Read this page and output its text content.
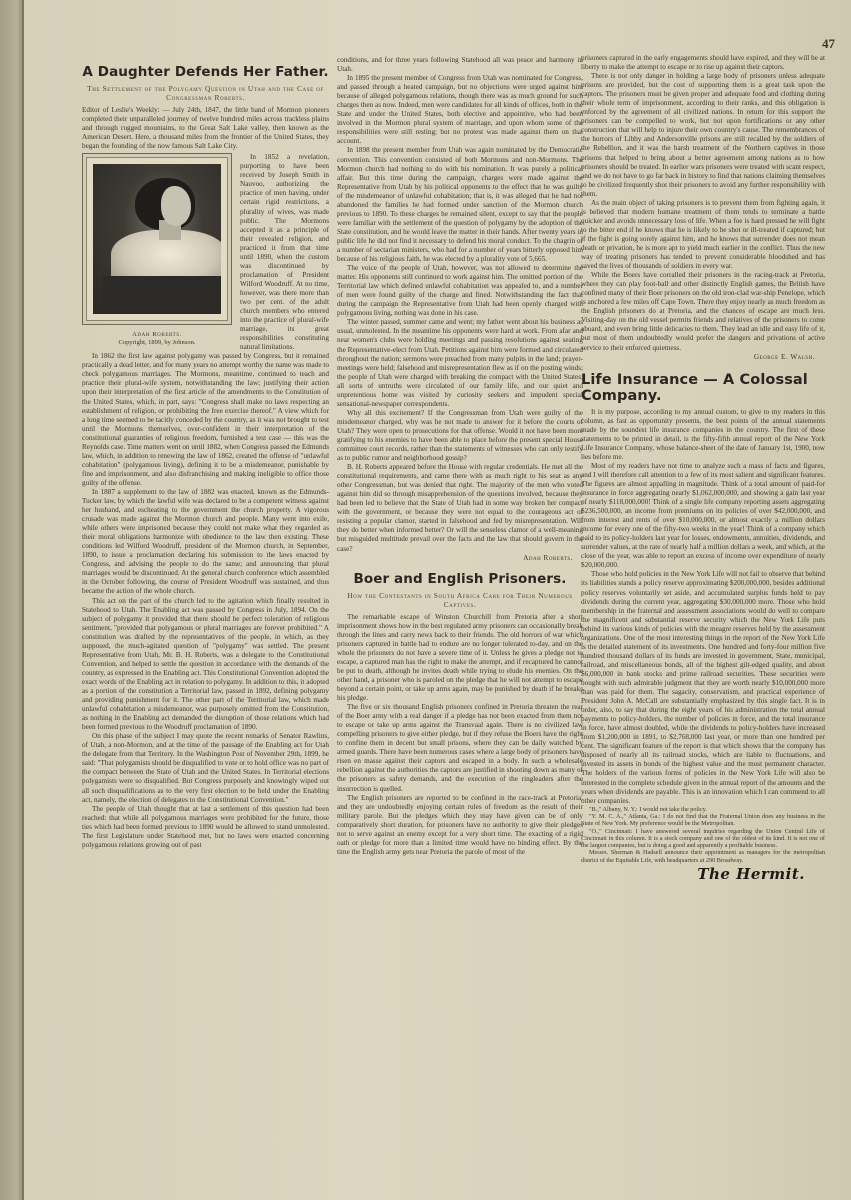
47
A Daughter Defends Her Father.
The Settlement of the Polygamy Question in Utah and the Case of Congressman Roberts.

Editor of Leslie's Weekly: — July 24th, 1847, the little band of Mormon pioneers completed their unparalleled journey of twelve hundred miles across trackless plains and through rugged mountains, to the Great Salt Lake valley, then known as the American Desert. Here, a thousand miles from the frontier of the United States, they began the founding of the now famous Salt Lake City.

Adah Roberts.
Copyright, 1899, by Johnson.

In 1852 a revelation, purporting to have been received by Joseph Smith in Nauvoo, authorizing the practice of men having, under certain rigid restrictions, a plurality of wives, was made public. The Mormons accepted it as a principle of their revealed religion, and practiced it from that time until 1890, when the custom was discontinued by proclamation of President Wilford Woodruff. At no time, however, was there more than two per cent. of the adult church members who entered into the practice of plural-wife marriage, its great responsibilities constituting natural limitations.

In 1862 the first law against polygamy was passed by Congress, but it remained practically a dead letter, and for many years no attempt worthy the name was made to check polygamous marriages. The Mormons, meantime, continued to teach and practice their plural-wife system, notwithstanding the law; justifying their action upon their interpretation of the first article of the amendments to the Constitution of the United States, which, in part, says: "Congress shall make no laws respecting an establishment of religion, or prohibiting the free exercise thereof." A view which for a long time seemed to be tacitly conceded by the country, as it was not brought to test until the Mormons themselves, over-confident in their interpretation of the constitutional guaranties of religious freedom, furnished a test case — this was the Reynolds case. Time matters went on until 1882, when Congress passed the Edmunds law, which, in addition to renewing the law of 1862, created the offense of "unlawful cohabitation" (polygamous living), defining it to be a misdemeanor, punishable by fine and imprisonment, and also disfranchising and making ineligible to office those guilty of the offense.

In 1887 a supplement to the law of 1882 was enacted, known as the Edmunds-Tucker law, by which the lawful wife was declared to be a competent witness against her husband, and escheating to the government the church property. A vigorous crusade was made against the Mormon church and people. Many went into exile, while others were imprisoned because they could not make what they regarded as their moral obligations harmonize with obedience to the law then existing. These conditions led Wilford Woodruff, president of the Mormon church, in September, 1890, to issue a proclamation declaring his submission to the laws enacted by Congress, and advising the people to do the same; and announcing that plural marriages would be discontinued. At the general church conference which assembled in the October following, the course of President Woodruff was sustained, and thus became the action of the whole church.

This act on the part of the church led to the agitation which finally resulted in Statehood to Utah. The Enabling act was passed by Congress in July, 1894. On the subject of polygamy it provided that there should be perfect toleration of religious sentiment, "provided that polygamous or plural marriages are forever prohibited." A constitution was drafted by the representatives of the people, in which, as they supposed, the much-agitated question of "polygamy" was settled. The present Representative from Utah, Mr. B. H. Roberts, was a delegate to the Constitutional Convention, and helped to settle the question in accordance with the demands of the country, as expressed in the Enabling act. This Constitutional Convention adopted the exact words of the Enabling act in relation to polygamy. In addition to this, it adopted as a portion of the constitution a Territorial law, passed in 1892, defining polygamy and providing punishment for it. The other part of the Territorial law, which made unlawful cohabitation a misdemeanor, was purposely omitted from the Constitution, as nothing in the Enabling act demanded the disruption of those relations which had been formed previous to the Woodruff proclamation of 1890.

On this phase of the subject I may quote the recent remarks of Senator Rawlins, of Utah, a non-Mormon, and at the time of the passage of the Enabling act for Utah the delegate from that Territory. In the Washington Post of November 29th, 1899, he said: "That polygamists should be disqualified to vote or to hold office was no part of the compact between the State of Utah and the United States. In Territorial elections polygamists were so disqualified. But Congress purposely and knowingly wiped out all such disqualifications as to the very first election to be held under the Enabling act, namely, the election of delegates to the Constitutional Convention."

The people of Utah thought that at last a settlement of this question had been reached: that while all polygamous marriages were prohibited for the future, those ties which had been formed previous to 1890 would be allowed to stand unmolested. The first Legislature under Statehood met, but no laws were enacted concerning polygamous relations growing out of past

conditions, and for three years following Statehood all was peace and harmony in Utah.

In 1895 the present member of Congress from Utah was nominated for Congress, and passed through a heated campaign, but no objections were urged against him because of alleged polygamous relations, though there was as much ground for such charges then as now. Indeed, men were candidates for all kinds of offices, both in the State and under the United States, both elective and appointive, who had been involved in the Mormon plural system of marriage, and upon whom some of the responsibilities were still resting; but no protest was made against them on that account.

In 1898 the present member from Utah was again nominated by the Democratic convention. This convention consisted of both Mormons and non-Mormons. The Mormon church had nothing to do with his nomination. It was purely a political affair. But this time during the campaign, charges were made against the Representative from Utah by his political opponents to the effect that he was guilty of the misdemeanor of unlawful cohabitation; that is, it was alleged that he had not abandoned the families he had formed under sanction of the Mormon church previous to 1890. To these charges he remained silent, except to say that the people were familiar with the settlement of the question of polygamy by the adoption of the State constitution, and he would leave the matter in their hands. After twenty years in public life he did not find it necessary to defend his moral conduct. To the chagrin of a number of sectarian ministers, who had for a number of years bitterly opposed him because of his religious faith, he was elected by a plurality vote of 5,665.

The voice of the people of Utah, however, was not allowed to determine the matter. His opponents still continued to work against him. The omitted portion of the Territorial law which defined unlawful cohabitation was appealed to, and a number of men were found guilty of the charge and fined. Notwithstanding the fact that during the campaign the Representative from Utah had been openly charged with polygamous living, nothing was done in his case.

The winter passed, summer came and went; my father went about his business as usual, unmolested. In the meantime his opponents were hard at work. From afar and near women's clubs were holding meetings and passing resolutions against seating the Representative-elect from Utah. Petitions against him were formed and circulated throughout the nation; sermons were preached from many pulpits in the land; prayer-meetings were held; falsehood and misrepresentation flew as if on the posting winds; the people of Utah were charged with breaking the compact with the United States; all sorts of untruths were circulated of our family life, and our quiet and unpretentious home was visited by curiosity seekers and impudent special sensational-newspaper correspondents.

Why all this excitement? If the Congressman from Utah were guilty of the misdemeanor charged, why was he not made to answer for it before the courts of Utah? They were open to prosecutions for that offense. Would it not have been more gratifying to his enemies to have been able to place before the present special House committee court records, rather than the statements of witnesses who can only testify as to public rumor and neighborhood gossip?

B. H. Roberts appeared before the House with regular credentials. He met all the constitutional requirements, and came there with as much right to his seat as any other Congressman, but was denied that right. The majority of the men who voted against him did so through misapprehension of the questions involved, because they had been led to believe that the State of Utah had in some way broken her compact with the government, or because they were not equal to the courageous act of resisting a popular clamor, started in falsehood and fed by misrepresentation. Will they do better when informed better? Or will the senseless clamor of a well-meaning but misguided multitude prevail over the facts and the law that should govern in the case?

Adah Roberts.
Boer and English Prisoners.
How the Contestants in South Africa Care for Their Numerous Captives.

The remarkable escape of Winston Churchill from Pretoria after a short imprisonment shows how in the best regulated army prisoners can occasionally break through the lines and carry news back to their friends. The old horrors of war which prisoners captured in battle had to endure are no longer tolerated to-day, and on the whole the prisoners do not have a severe time of it. Unless he gives a pledge not to escape, a captured man has the right to make the attempt, and if recaptured he cannot be put to death, although he invites death while trying to elude his enemies. On the other hand, a prisoner who is paroled on the pledge that he will not attempt to escape beyond a certain point, or take up arms again, may be punished by death if he breaks his pledge.

The five or six thousand English prisoners confined in Pretoria threaten the rear of the Boer army with a real danger if a pledge has not been exacted from them not to escape or take up arms against the Transvaal again. There is no civilized law compelling prisoners to give either pledge, but if they refuse the Boers have the right to confine them in decent but small prisons, where they can be daily watched by armed guards. There have been numerous cases where a large body of prisoners have risen en masse against their captors and escaped in a body. In such a wholesale rebellion against the authorities the captors are justified in shooting down as many of the prisoners as safety demands, and the execution of the ringleaders after the insurrection is quelled.

The English prisoners are reported to be confined in the race-track at Pretoria, and they are undoubtedly enjoying certain rules of freedom as the result of their military parole. But the pledges which they may have given can be of only comparatively short duration, for prisoners have no authority to give their pledges not to serve against an enemy except for a very short time. The exacting of a rigid oath or pledge for more than a limited time would have no binding effect. By the time the English army gets near Pretoria the parole of most of the

prisoners captured in the early engagements should have expired, and they will be at liberty to make the attempt to escape or to rise up against their captors.

There is not only danger in holding a large body of prisoners unless adequate prisons are provided, but the cost of supporting them is a great task upon the captors. The prisoners must be given proper and adequate food and clothing during their whole term of imprisonment, according to their ranks, and this obligation is enforced by the agreement of all civilized nations. In return for this support the prisoners can be compelled to work, but not upon fortifications or any other construction that will help to injure their own country's cause. The remembrances of the horrors of Libby and Andersonville prisons are still recalled by the soldiers of the Rebellion, and it was the harsh treatment of the Northern captives in those prisons that helped to bring about a better agreement among nations as to how prisoners should be treated. In earlier wars prisoners were treated with scant respect, and we do not have to go far back in history to find that nations claiming themselves to be civilized frequently shot their prisoners to avoid any further responsibility with them.

As the main object of taking prisoners is to prevent them from fighting again, it is believed that modern humane treatment of them tends to terminate a battle quicker and avoids unnecessary loss of life. When a foe is hard pressed he will fight to the bitter end if he knows that he is likely to be shot or ill-treated if captured; but if the fight is going sorely against him, and he knows that surrender does not mean death or privation, he is more apt to yield much earlier in the conflict. Thus the new way of treating prisoners has tended to prevent considerable bloodshed and has saved the lives of thousands of soldiers in every war.

While the Boers have corralled their prisoners in the racing-track at Pretoria, where they can play foot-ball and other distinctly English games, the British have confined many of their Boer prisoners on the old iron-clad war-ship Penelope, which is anchored a few miles off Cape Town. There they enjoy nearly as much freedom as the English prisoners do at Pretoria, and the chances of escape are much less. Visiting-day on the old vessel permits friends and relatives of the prisoners to come aboard, and even bring little delicacies to them. They lead an idle and easy life of it, but most of them undoubtedly would prefer the dangers and privations of active service to their enforced quietness.

George E. Walsh.
Life Insurance — A Colossal Company.

It is my purpose, according to my annual custom, to give to my readers in this column, as fast as opportunity presents, the best points of the annual statements made by the soundest life insurance companies in the country. The first of these statements to be printed in detail, is the fifty-fifth annual report of the New York Life Insurance Company, whose balance-sheet of the date of January 1st, 1900, now lies before me.

Most of my readers have not time to analyze such a mass of facts and figures, and I will therefore call attention to a few of its most salient and significant features. The figures are almost appalling in magnitude. Think of a total amount of paid-for insurance in force aggregating nearly $1,062,000,000, and showing a gain last year of nearly $118,000,000! Think of a single life company reporting assets aggregating $236,500,000, an income from premiums on its policies of over $42,000,000, and from interest and rents of over $10,000,000, or almost exactly a million dollars income for every one of the fifty-two weeks in the year! Think of a company which paid to its policy-holders last year for losses, endowments, annuities, dividends, and surrender values, at the rate of nearly half a million dollars a week, and which, at the close of the year, was able to report an excess of income over expenditure of nearly $20,000,000.

Those who hold policies in the New York Life will not fail to observe that behind its liabilities stands a policy reserve approximating $200,000,000, besides additional policy reserves voluntarily set aside, and accumulated surplus funds held to pay dividends during the current year, aggregating $30,000,000 more. Those who hold membership in the fraternal and assessment associations would do well to compare the magnificent and substantial reserve security which the New York Life puts behind its various kinds of policies with the meagre reserves held by the assessment organizations. One of the most interesting things in the report of the New York Life is the detailed statement of its investments. One hundred and forty-four million five hundred thousand dollars of its funds are invested in government, State, municipal, railroad, and miscellaneous bonds, all of the highest gilt-edged quality, and about $6,000,000 in bank stocks and prime railroad securities. These securities were bought with such admirable judgment that they are worth nearly $10,000,000 more than was paid for them. The sagacity, conservatism, and practical experience of President John A. McCall are substantially emphasized by this single fact. It is in order, also, to say that during the eight years of his administration the total annual payments to policy-holders, the number of policies in force, and the total insurance in force, have almost doubled, while the dividends to policy-holders have increased from $1,200,000 in 1891, to $2,768,000 last year, or more than one hundred per cent. The significant feature of the report is that which shows that the company has disposed of nearly all its railroad stocks, which are liable to fluctuations, and invested its assets in bonds of the highest value and the most permanent character. The holders of the various forms of policies in the New York Life will also be interested in the complete schedule given in the annual report of the amounts and the years when dividends are payable. This is an innovation which I can commend to all other companies.

"B.," Albany, N. Y.: I would not take the policy.

"Y. M. C. A.," Atlanta, Ga.: I do not find that the Fraternal Union does any business in the State of New York. My preference would be the Metropolitan.

"O.," Cincinnati: I have answered several inquiries regarding the Union Central Life of Cincinnati in this column. It is a stock company and one of the oldest of its kind. It is not one of the largest companies, but is doing a good and apparently a profitable business.

Messrs. Sherman & Hadsell announce their appointment as managers for the metropolitan district of the Equitable Life, with headquarters at 290 Broadway.

The Hermit.
